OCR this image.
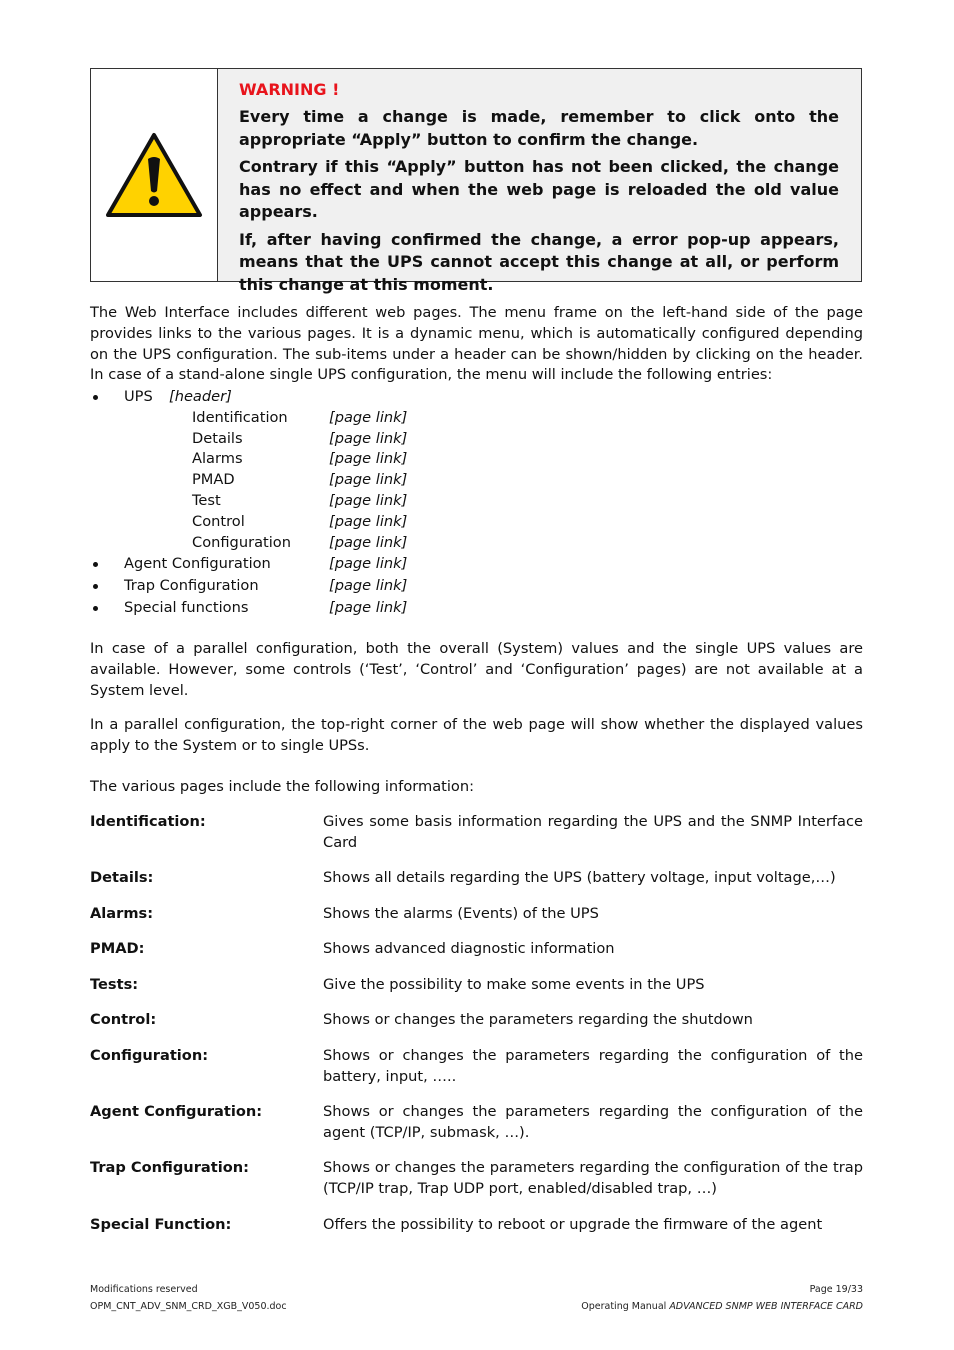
WARNING !
Every time a change is made, remember to click onto the appropriate “Apply” button to confirm the change.
Contrary if this “Apply” button has not been clicked, the change has no effect and when the web page is reloaded the old value appears.
If, after having confirmed the change, a error pop-up appears, means that the UPS cannot accept this change at all, or perform this change at this moment.
The Web Interface includes different web pages. The menu frame on the left-hand side of the page provides links to the various pages. It is a dynamic menu, which is automatically configured depending on the UPS configuration. The sub-items under a header can be shown/hidden by clicking on the header. In case of a stand-alone single UPS configuration, the menu will include the following entries:
UPS [header]
Identification	[page link]
Details	[page link]
Alarms	[page link]
PMAD	[page link]
Test	[page link]
Control	[page link]
Configuration	[page link]
Agent Configuration	[page link]
Trap Configuration	[page link]
Special functions	[page link]
In case of a parallel configuration, both the overall (System) values and the single UPS values are available. However, some controls (‘Test’, ‘Control’ and ‘Configuration’ pages) are not available at a System level.
In a parallel configuration, the top-right corner of the web page will show whether the displayed values apply to the System or to single UPSs.
The various pages include the following information:
Identification:	Gives some basis information regarding the UPS and the SNMP Interface Card
Details:	Shows all details regarding the UPS (battery voltage, input voltage,…)
Alarms:	Shows the alarms (Events) of the UPS
PMAD:	Shows advanced diagnostic information
Tests:	Give the possibility to make some events in the UPS
Control:	Shows or changes the parameters regarding the shutdown
Configuration:	Shows or changes the parameters regarding the configuration of the battery, input, …..
Agent Configuration:	Shows or changes the parameters regarding the configuration of the agent (TCP/IP, submask, …).
Trap Configuration:	Shows or changes the parameters regarding the configuration of the trap (TCP/IP trap, Trap UDP port, enabled/disabled trap, …)
Special Function:	Offers the possibility to reboot or upgrade the firmware of the agent
Modifications reserved
OPM_CNT_ADV_SNM_CRD_XGB_V050.doc
Page 19/33
Operating Manual ADVANCED SNMP WEB INTERFACE CARD
